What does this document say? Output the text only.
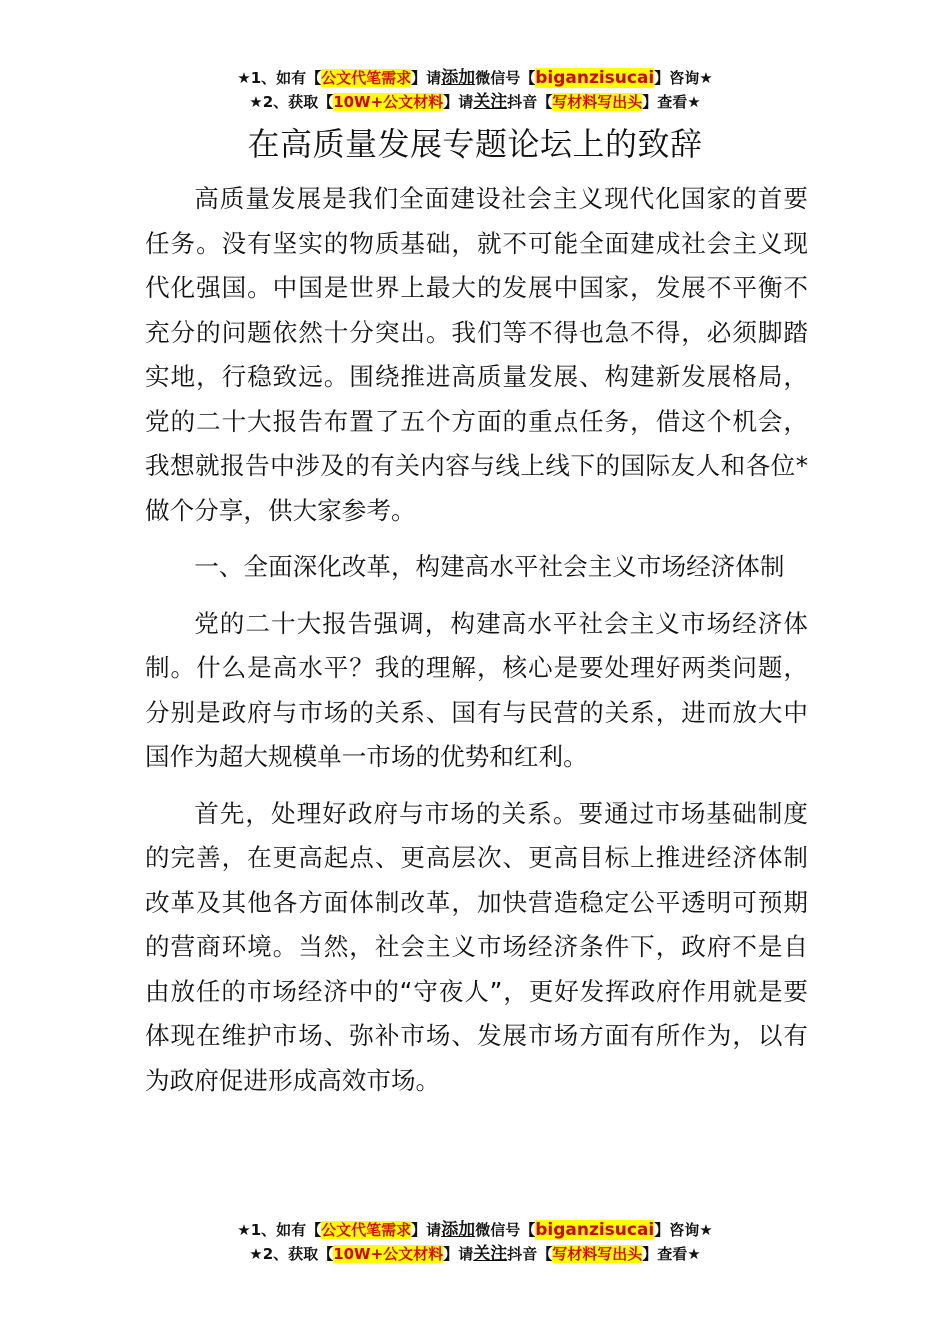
★1、如有【公文代笔需求】请添加微信号【biganzisucai】咨询★
★2、获取【10W+公文材料】请关注抖音【写材料写出头】查看★
在高质量发展专题论坛上的致辞

高质量发展是我们全面建设社会主义现代化国家的首要任务。没有坚实的物质基础，就不可能全面建成社会主义现代化强国。中国是世界上最大的发展中国家，发展不平衡不充分的问题依然十分突出。我们等不得也急不得，必须脚踏实地，行稳致远。围绕推进高质量发展、构建新发展格局，党的二十大报告布置了五个方面的重点任务，借这个机会，我想就报告中涉及的有关内容与线上线下的国际友人和各位*做个分享，供大家参考。

一、全面深化改革，构建高水平社会主义市场经济体制

党的二十大报告强调，构建高水平社会主义市场经济体制。什么是高水平？我的理解，核心是要处理好两类问题，分别是政府与市场的关系、国有与民营的关系，进而放大中国作为超大规模单一市场的优势和红利。

首先，处理好政府与市场的关系。要通过市场基础制度的完善，在更高起点、更高层次、更高目标上推进经济体制改革及其他各方面体制改革，加快营造稳定公平透明可预期的营商环境。当然，社会主义市场经济条件下，政府不是自由放任的市场经济中的“守夜人”，更好发挥政府作用就是要体现在维护市场、弥补市场、发展市场方面有所作为，以有为政府促进形成高效市场。

★1、如有【公文代笔需求】请添加微信号【biganzisucai】咨询★
★2、获取【10W+公文材料】请关注抖音【写材料写出头】查看★
